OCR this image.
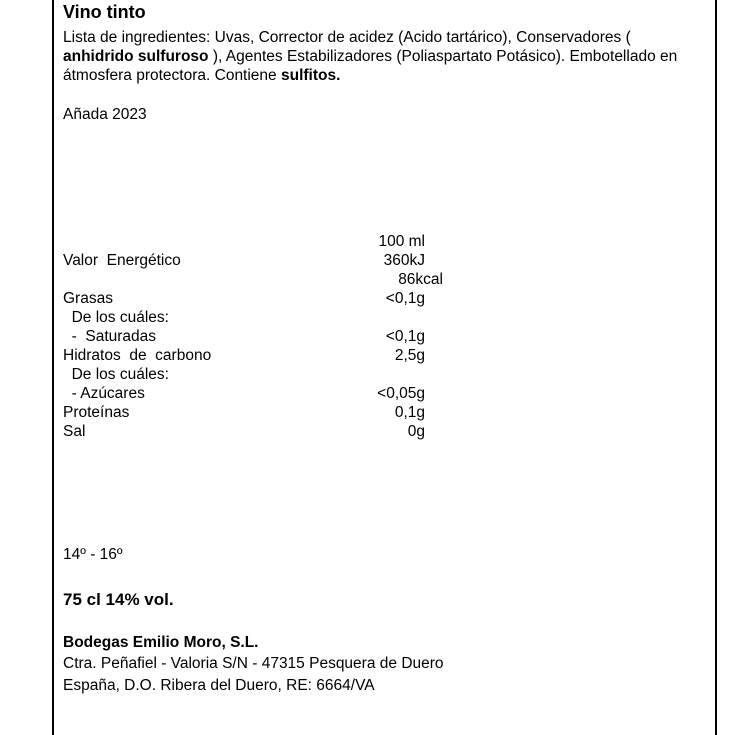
Vino tinto
Lista de ingredientes: Uvas, Corrector de acidez (Acido tartárico), Conservadores ( anhidrido sulfuroso ), Agentes Estabilizadores (Poliaspartato Potásico). Embotellado en átmosfera protectora. Contiene sulfitos.
Añada 2023
100 ml
Valor  Energético	360kJ
86kcal
Grasas	<0,1g
De los cuáles:
-  Saturadas	<0,1g
Hidratos  de  carbono	2,5g
De los cuáles:
- Azúcares	<0,05g
Proteínas	0,1g
Sal	0g
14º - 16º
75 cl 14% vol.
Bodegas Emilio Moro, S.L.
Ctra. Peñafiel - Valoria S/N - 47315 Pesquera de Duero
España, D.O. Ribera del Duero, RE: 6664/VA
